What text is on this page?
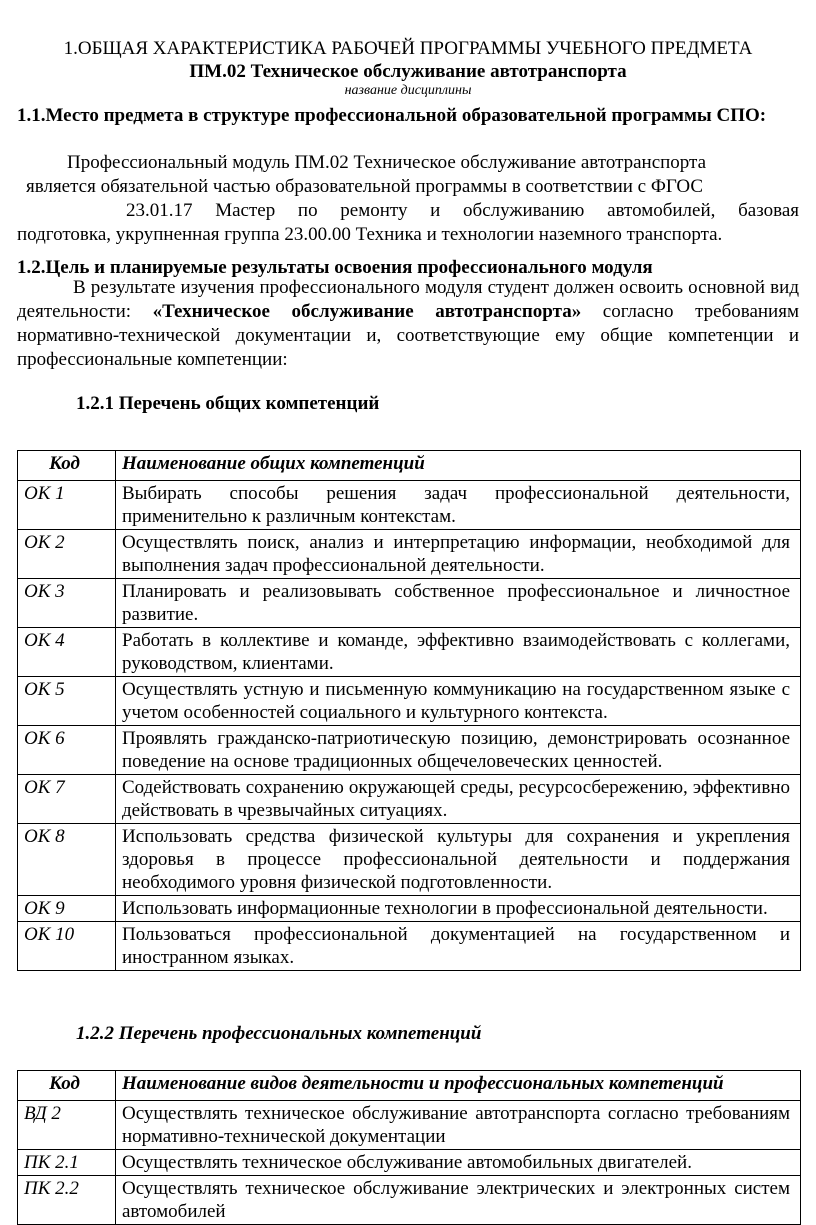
1.ОБЩАЯ ХАРАКТЕРИСТИКА РАБОЧЕЙ ПРОГРАММЫ УЧЕБНОГО ПРЕДМЕТА

ПМ.02 Техническое обслуживание автотранспорта

название дисциплины

1.1.Место предмета в структуре профессиональной образовательной программы СПО:

Профессиональный модуль ПМ.02 Техническое обслуживание автотранспорта

является обязательной частью образовательной программы в соответствии с ФГОС

23.01.17 Мастер по ремонту и обслуживанию автомобилей, базовая

подготовка, укрупненная группа 23.00.00 Техника и технологии наземного транспорта.

1.2.Цель и планируемые результаты освоения профессионального модуля

В результате изучения профессионального модуля студент должен освоить основной вид деятельности: «Техническое обслуживание автотранспорта» согласно требованиям нормативно-технической документации и, соответствующие ему общие компетенции и профессиональные компетенции:

1.2.1 Перечень общих компетенций

Код	Наименование общих компетенций
ОК 1	Выбирать способы решения задач профессиональной деятельности, применительно к различным контекстам.
ОК 2	Осуществлять поиск, анализ и интерпретацию информации, необходимой для выполнения задач профессиональной деятельности.
ОК 3	Планировать и реализовывать собственное профессиональное и личностное развитие.
ОК 4	Работать в коллективе и команде, эффективно взаимодействовать с коллегами, руководством, клиентами.
ОК 5	Осуществлять устную и письменную коммуникацию на государственном языке с учетом особенностей социального и культурного контекста.
ОК 6	Проявлять гражданско-патриотическую позицию, демонстрировать осознанное поведение на основе традиционных общечеловеческих ценностей.
ОК 7	Содействовать сохранению окружающей среды, ресурсосбережению, эффективно действовать в чрезвычайных ситуациях.
ОК 8	Использовать средства физической культуры для сохранения и укрепления здоровья в процессе профессиональной деятельности и поддержания необходимого уровня физической подготовленности.
ОК 9	Использовать информационные технологии в профессиональной деятельности.
ОК 10	Пользоваться профессиональной документацией на государственном и иностранном языках.

1.2.2 Перечень профессиональных компетенций

Код	Наименование видов деятельности и профессиональных компетенций
ВД 2	Осуществлять техническое обслуживание автотранспорта согласно требованиям нормативно-технической документации
ПК 2.1	Осуществлять техническое обслуживание автомобильных двигателей.
ПК 2.2	Осуществлять техническое обслуживание электрических и электронных систем автомобилей
